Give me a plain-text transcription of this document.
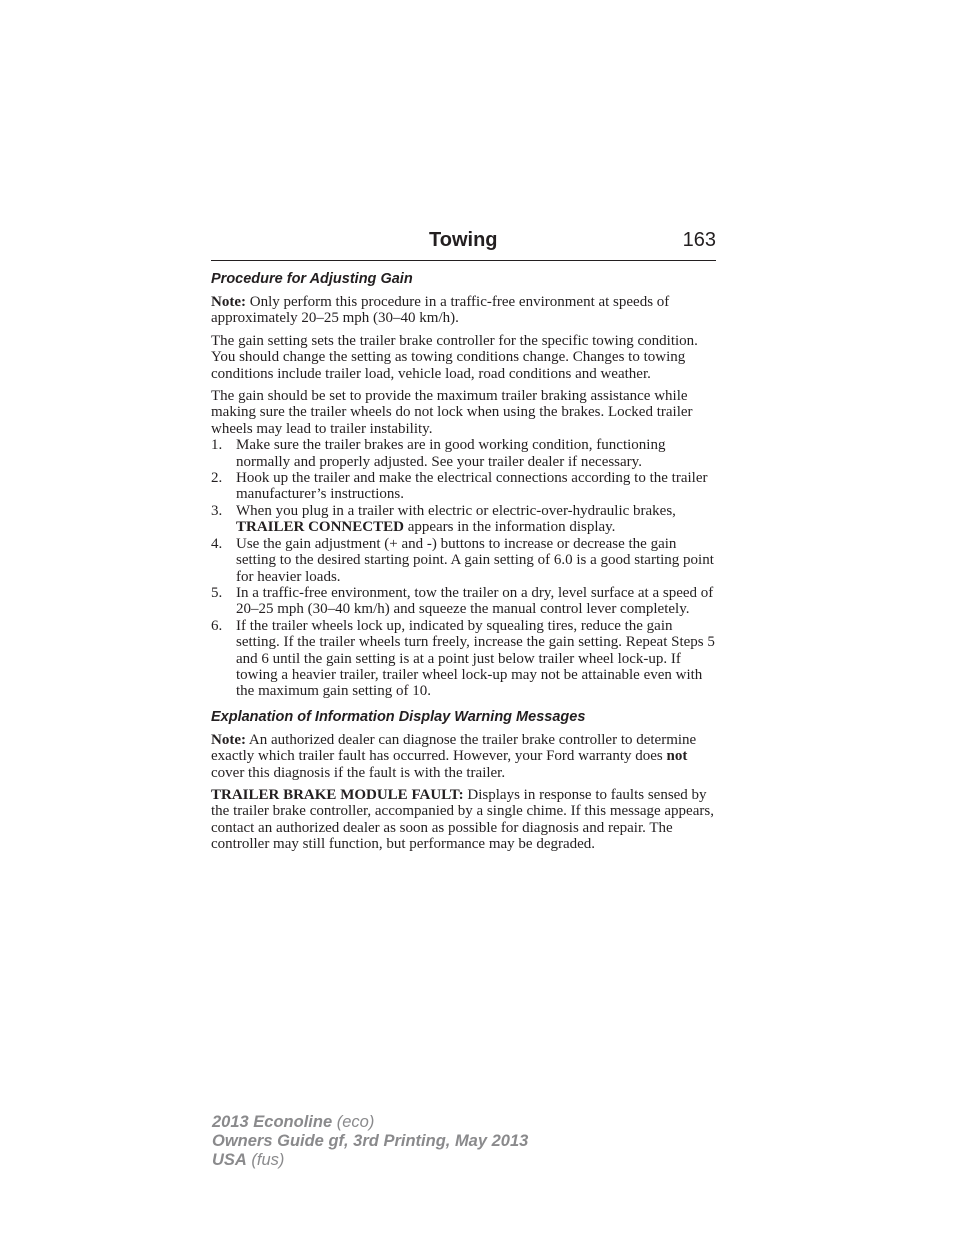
Towing	163
Procedure for Adjusting Gain

Note: Only perform this procedure in a traffic-free environment at speeds of approximately 20–25 mph (30–40 km/h).

The gain setting sets the trailer brake controller for the specific towing condition. You should change the setting as towing conditions change. Changes to towing conditions include trailer load, vehicle load, road conditions and weather.

The gain should be set to provide the maximum trailer braking assistance while making sure the trailer wheels do not lock when using the brakes. Locked trailer wheels may lead to trailer instability.

1. Make sure the trailer brakes are in good working condition, functioning normally and properly adjusted. See your trailer dealer if necessary.
2. Hook up the trailer and make the electrical connections according to the trailer manufacturer’s instructions.
3. When you plug in a trailer with electric or electric-over-hydraulic brakes, TRAILER CONNECTED appears in the information display.
4. Use the gain adjustment (+ and -) buttons to increase or decrease the gain setting to the desired starting point. A gain setting of 6.0 is a good starting point for heavier loads.
5. In a traffic-free environment, tow the trailer on a dry, level surface at a speed of 20–25 mph (30–40 km/h) and squeeze the manual control lever completely.
6. If the trailer wheels lock up, indicated by squealing tires, reduce the gain setting. If the trailer wheels turn freely, increase the gain setting. Repeat Steps 5 and 6 until the gain setting is at a point just below trailer wheel lock-up. If towing a heavier trailer, trailer wheel lock-up may not be attainable even with the maximum gain setting of 10.
Explanation of Information Display Warning Messages

Note: An authorized dealer can diagnose the trailer brake controller to determine exactly which trailer fault has occurred. However, your Ford warranty does not cover this diagnosis if the fault is with the trailer.

TRAILER BRAKE MODULE FAULT: Displays in response to faults sensed by the trailer brake controller, accompanied by a single chime. If this message appears, contact an authorized dealer as soon as possible for diagnosis and repair. The controller may still function, but performance may be degraded.

2013 Econoline (eco)
Owners Guide gf, 3rd Printing, May 2013
USA (fus)
